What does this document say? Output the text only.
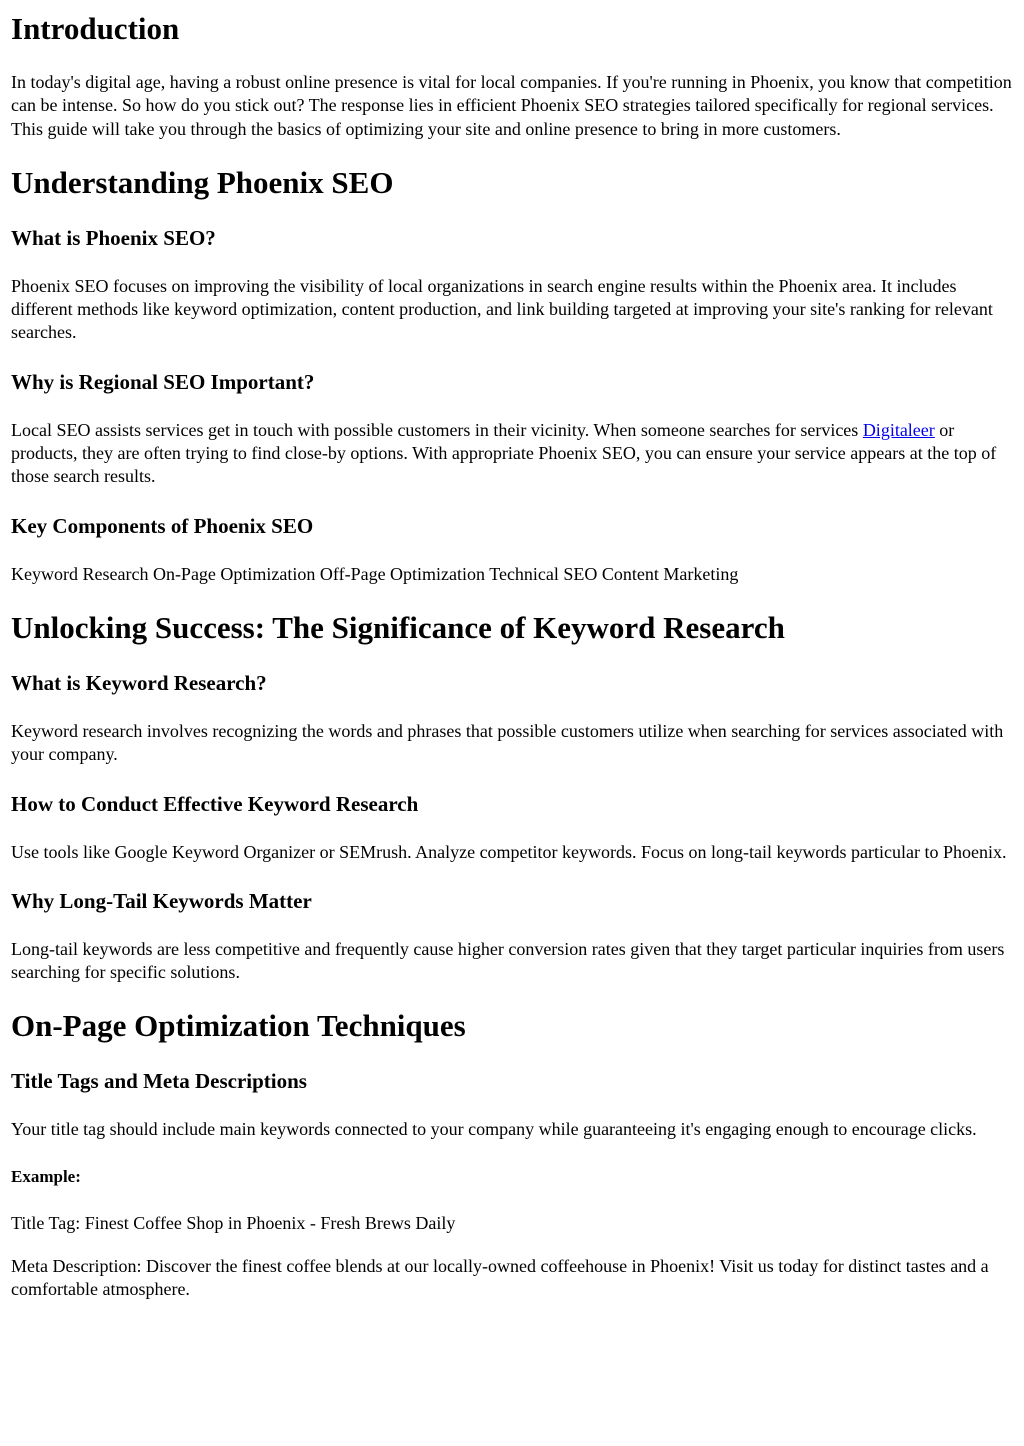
Introduction

In today's digital age, having a robust online presence is vital for local companies. If you're running in Phoenix, you know that competition can be intense. So how do you stick out? The response lies in efficient Phoenix SEO strategies tailored specifically for regional services. This guide will take you through the basics of optimizing your site and online presence to bring in more customers.

Understanding Phoenix SEO
What is Phoenix SEO?

Phoenix SEO focuses on improving the visibility of local organizations in search engine results within the Phoenix area. It includes different methods like keyword optimization, content production, and link building targeted at improving your site's ranking for relevant searches.

Why is Regional SEO Important?

Local SEO assists services get in touch with possible customers in their vicinity. When someone searches for services Digitaleer or products, they are often trying to find close-by options. With appropriate Phoenix SEO, you can ensure your service appears at the top of those search results.

Key Components of Phoenix SEO

Keyword Research On-Page Optimization Off-Page Optimization Technical SEO Content Marketing

Unlocking Success: The Significance of Keyword Research
What is Keyword Research?

Keyword research involves recognizing the words and phrases that possible customers utilize when searching for services associated with your company.

How to Conduct Effective Keyword Research

Use tools like Google Keyword Organizer or SEMrush. Analyze competitor keywords. Focus on long-tail keywords particular to Phoenix.

Why Long-Tail Keywords Matter

Long-tail keywords are less competitive and frequently cause higher conversion rates given that they target particular inquiries from users searching for specific solutions.

On-Page Optimization Techniques
Title Tags and Meta Descriptions

Your title tag should include main keywords connected to your company while guaranteeing it's engaging enough to encourage clicks.

Example:

Title Tag: Finest Coffee Shop in Phoenix - Fresh Brews Daily

Meta Description: Discover the finest coffee blends at our locally-owned coffeehouse in Phoenix! Visit us today for distinct tastes and a comfortable atmosphere.
